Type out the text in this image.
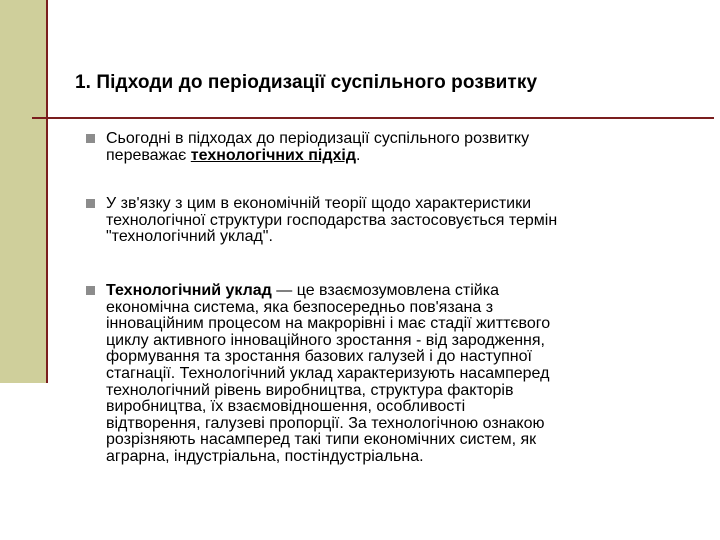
1. Підходи до періодизації суспільного розвитку
Сьогодні в підходах до періодизації суспільного розвитку
переважає технологічних підхід.
У зв'язку з цим в економічній теорії щодо характеристики
технологічної структури господарства застосовується термін
"технологічний уклад".
Технологічний уклад — це взаємозумовлена стійка
економічна система, яка безпосередньо пов'язана з
інноваційним процесом на макрорівні і має стадії життєвого
циклу активного інноваційного зростання - від зародження,
формування та зростання базових галузей і до наступної
стагнації. Технологічний уклад характеризують насамперед
технологічний рівень виробництва, структура факторів
виробництва, їх взаємовідношення, особливості
відтворення, галузеві пропорції. За технологічною ознакою
розрізняють насамперед такі типи економічних систем, як
аграрна, індустріальна, постіндустріальна.
